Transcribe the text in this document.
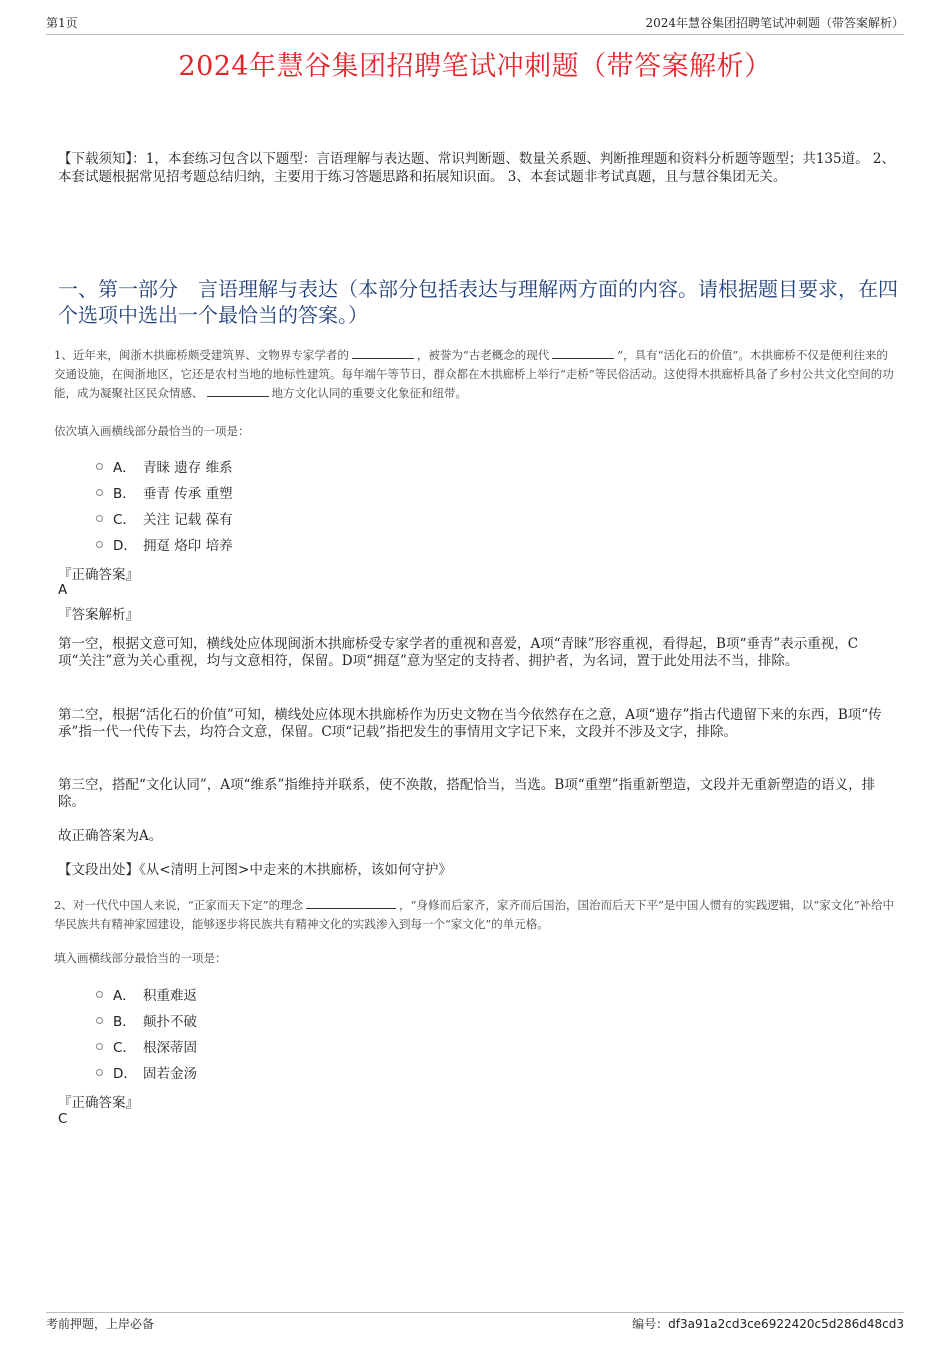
第1页	2024年慧谷集团招聘笔试冲刺题（带答案解析）
2024年慧谷集团招聘笔试冲刺题（带答案解析）
【下载须知】：1，本套练习包含以下题型：言语理解与表达题、常识判断题、数量关系题、判断推理题和资料分析题等题型；共135道。 2、本套试题根据常见招考题总结归纳，主要用于练习答题思路和拓展知识面。 3、本套试题非考试真题，且与慧谷集团无关。
一、第一部分　言语理解与表达（本部分包括表达与理解两方面的内容。请根据题目要求，在四个选项中选出一个最恰当的答案。）
1、近年来，闽浙木拱廊桥颇受建筑界、文物界专家学者的	，被誉为“古老概念的现代	”，具有“活化石的价值”。木拱廊桥不仅是便利往来的交通设施，在闽浙地区，它还是农村当地的地标性建筑。每年端午等节日，群众都在木拱廊桥上举行“走桥”等民俗活动。这使得木拱廊桥具备了乡村公共文化空间的功能，成为凝聚社区民众情感、	地方文化认同的重要文化象征和纽带。
依次填入画横线部分最恰当的一项是：
A． 青睐 遗存 维系
B． 垂青 传承 重塑
C． 关注 记载 葆有
D． 拥趸 烙印 培养
『正确答案』
A
『答案解析』
第一空，根据文意可知，横线处应体现闽浙木拱廊桥受专家学者的重视和喜爱，A项“青睐”形容重视，看得起，B项“垂青”表示重视，C项“关注”意为关心重视，均与文意相符，保留。D项“拥趸”意为坚定的支持者、拥护者，为名词，置于此处用法不当，排除。
第二空，根据“活化石的价值”可知，横线处应体现木拱廊桥作为历史文物在当今依然存在之意，A项“遗存”指古代遗留下来的东西，B项“传承”指一代一代传下去，均符合文意，保留。C项“记载”指把发生的事情用文字记下来，文段并不涉及文字，排除。
第三空，搭配“文化认同”，A项“维系”指维持并联系，使不涣散，搭配恰当，当选。B项“重塑”指重新塑造，文段并无重新塑造的语义，排除。
故正确答案为A。
【文段出处】《从<清明上河图>中走来的木拱廊桥，该如何守护》
2、对一代代中国人来说，“正家而天下定”的理念	，“身修而后家齐，家齐而后国治，国治而后天下平”是中国人惯有的实践逻辑，以“家文化”补给中华民族共有精神家园建设，能够逐步将民族共有精神文化的实践渗入到每一个“家文化”的单元格。
填入画横线部分最恰当的一项是：
A． 积重难返
B． 颠扑不破
C． 根深蒂固
D． 固若金汤
『正确答案』
C
考前押题，上岸必备	编号：df3a91a2cd3ce6922420c5d286d48cd3
